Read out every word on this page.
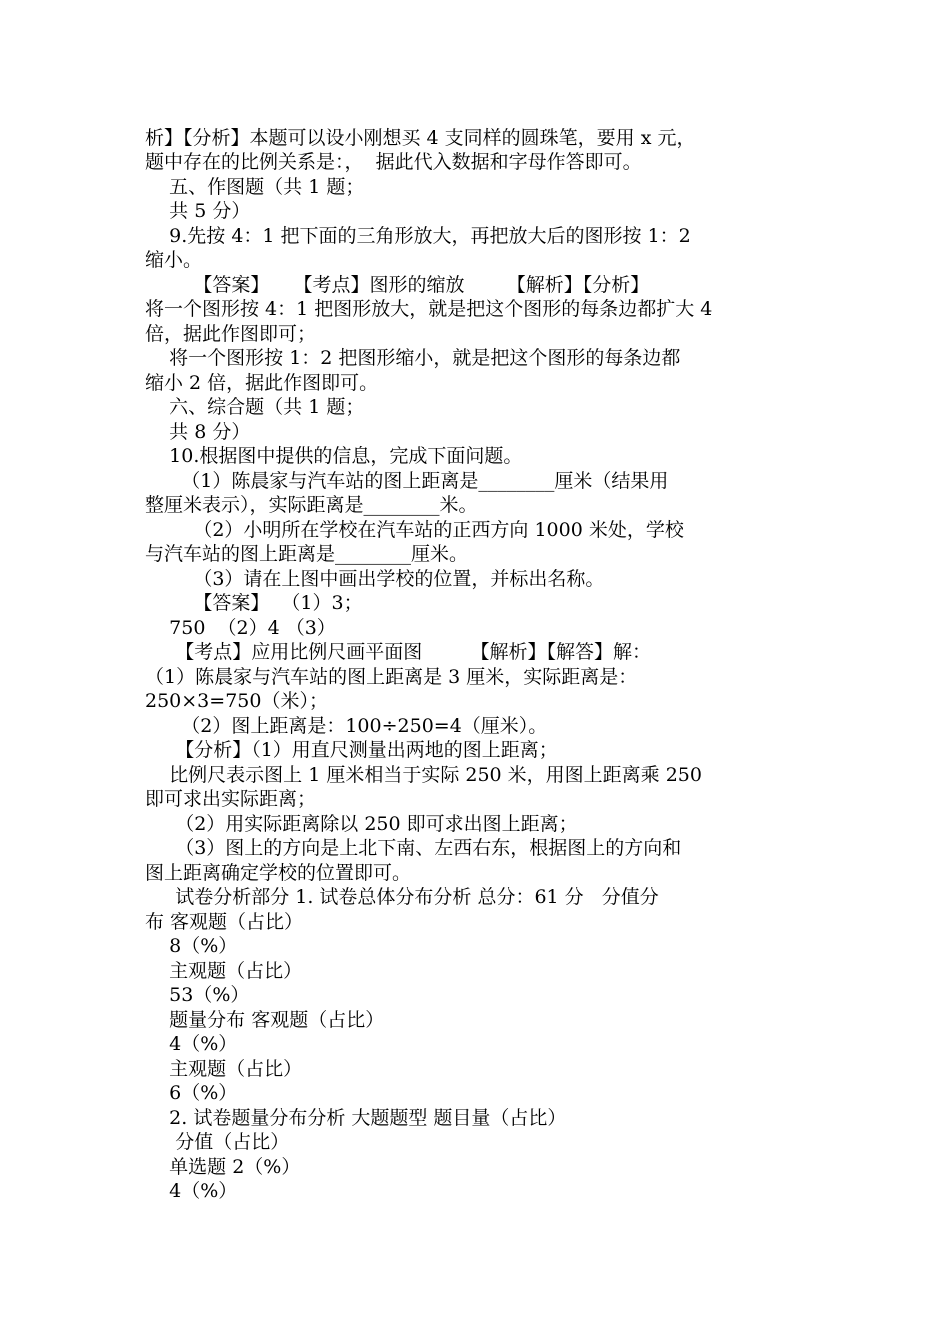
析】【分析】本题可以设小刚想买 4 支同样的圆珠笔，要用 x 元，
题中存在的比例关系是：，  据此代入数据和字母作答即可。
五、作图题（共 1 题；
共 5 分）
9.先按 4：1 把下面的三角形放大，再把放大后的图形按 1：2
缩小。
【答案】    【考点】图形的缩放       【解析】【分析】
将一个图形按 4：1 把图形放大，就是把这个图形的每条边都扩大 4
倍，据此作图即可；
将一个图形按 1：2 把图形缩小，就是把这个图形的每条边都
缩小 2 倍，据此作图即可。
六、综合题（共 1 题；
共 8 分）
10.根据图中提供的信息，完成下面问题。
（1）陈晨家与汽车站的图上距离是________厘米（结果用
整厘米表示），实际距离是________米。
（2）小明所在学校在汽车站的正西方向 1000 米处，学校
与汽车站的图上距离是________厘米。
（3）请在上图中画出学校的位置，并标出名称。
【答案】  （1）3；
750  （2）4 （3）
【考点】应用比例尺画平面图        【解析】【解答】解：
（1）陈晨家与汽车站的图上距离是 3 厘米，实际距离是：
250×3=750（米）；
（2）图上距离是：100÷250=4（厘米）。
【分析】（1）用直尺测量出两地的图上距离；
比例尺表示图上 1 厘米相当于实际 250 米，用图上距离乘 250
即可求出实际距离；
（2）用实际距离除以 250 即可求出图上距离；
（3）图上的方向是上北下南、左西右东，根据图上的方向和
图上距离确定学校的位置即可。
试卷分析部分 1. 试卷总体分布分析 总分：61 分   分值分
布 客观题（占比）
8（%）
主观题（占比）
53（%）
题量分布 客观题（占比）
4（%）
主观题（占比）
6（%）
2. 试卷题量分布分析 大题题型 题目量（占比）
分值（占比）
单选题 2（%）
4（%）
